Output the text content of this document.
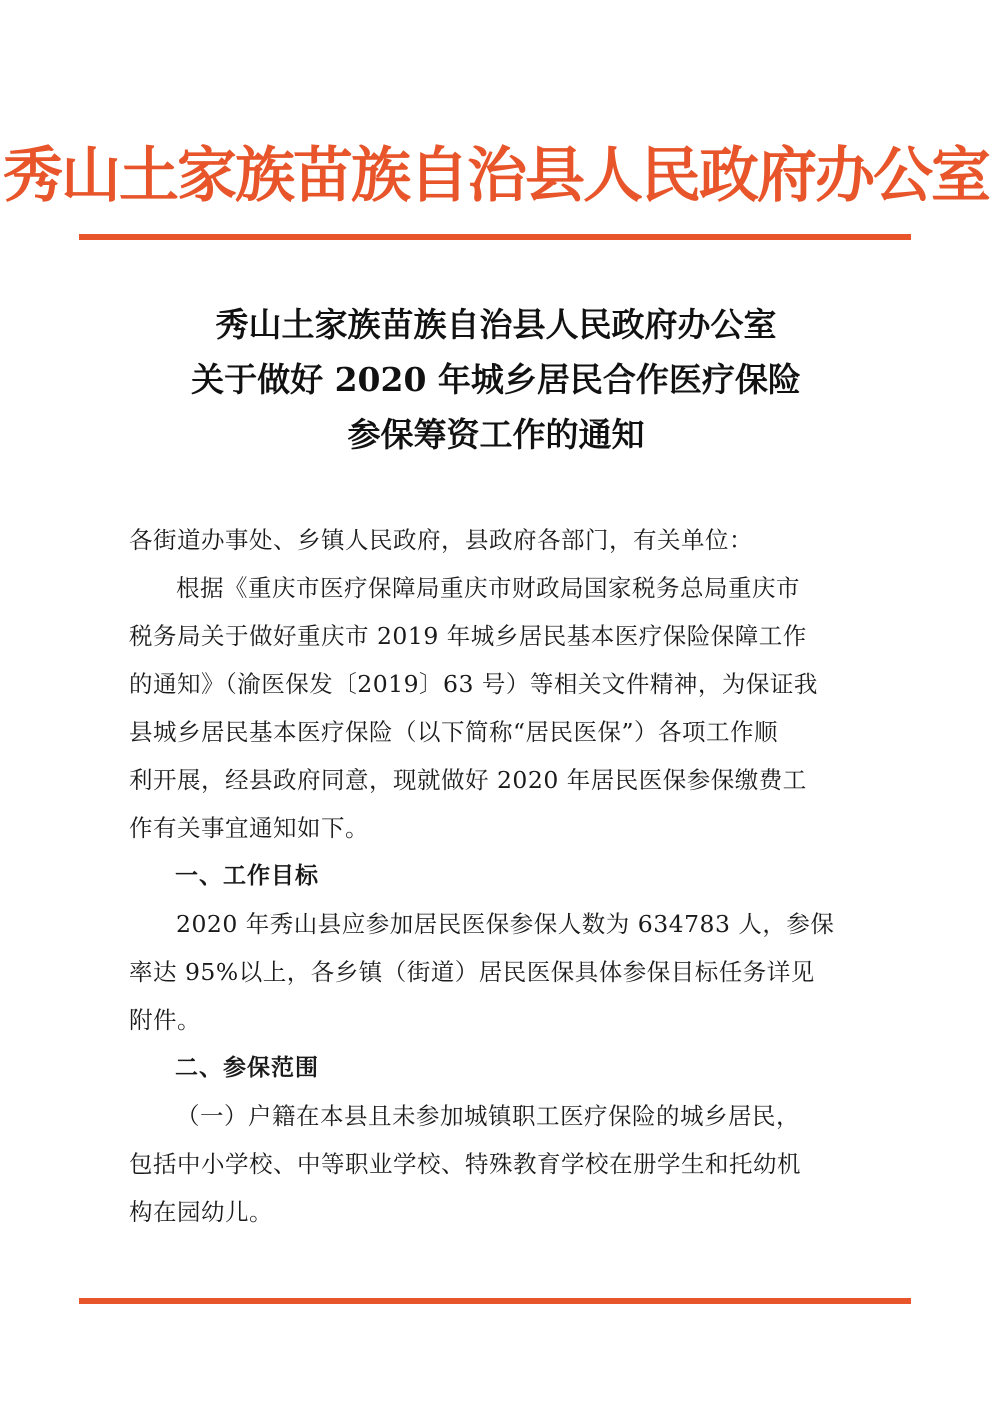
秀山土家族苗族自治县人民政府办公室
秀山土家族苗族自治县人民政府办公室
关于做好 2020 年城乡居民合作医疗保险
参保筹资工作的通知

各街道办事处、乡镇人民政府，县政府各部门，有关单位：

根据《重庆市医疗保障局重庆市财政局国家税务总局重庆市
税务局关于做好重庆市 2019 年城乡居民基本医疗保险保障工作
的通知》（渝医保发〔2019〕63 号）等相关文件精神，为保证我
县城乡居民基本医疗保险（以下简称“居民医保”）各项工作顺
利开展，经县政府同意，现就做好 2020 年居民医保参保缴费工
作有关事宜通知如下。

一、工作目标

2020 年秀山县应参加居民医保参保人数为 634783 人，参保
率达 95%以上，各乡镇（街道）居民医保具体参保目标任务详见
附件。

二、参保范围

（一）户籍在本县且未参加城镇职工医疗保险的城乡居民，
包括中小学校、中等职业学校、特殊教育学校在册学生和托幼机
构在园幼儿。
